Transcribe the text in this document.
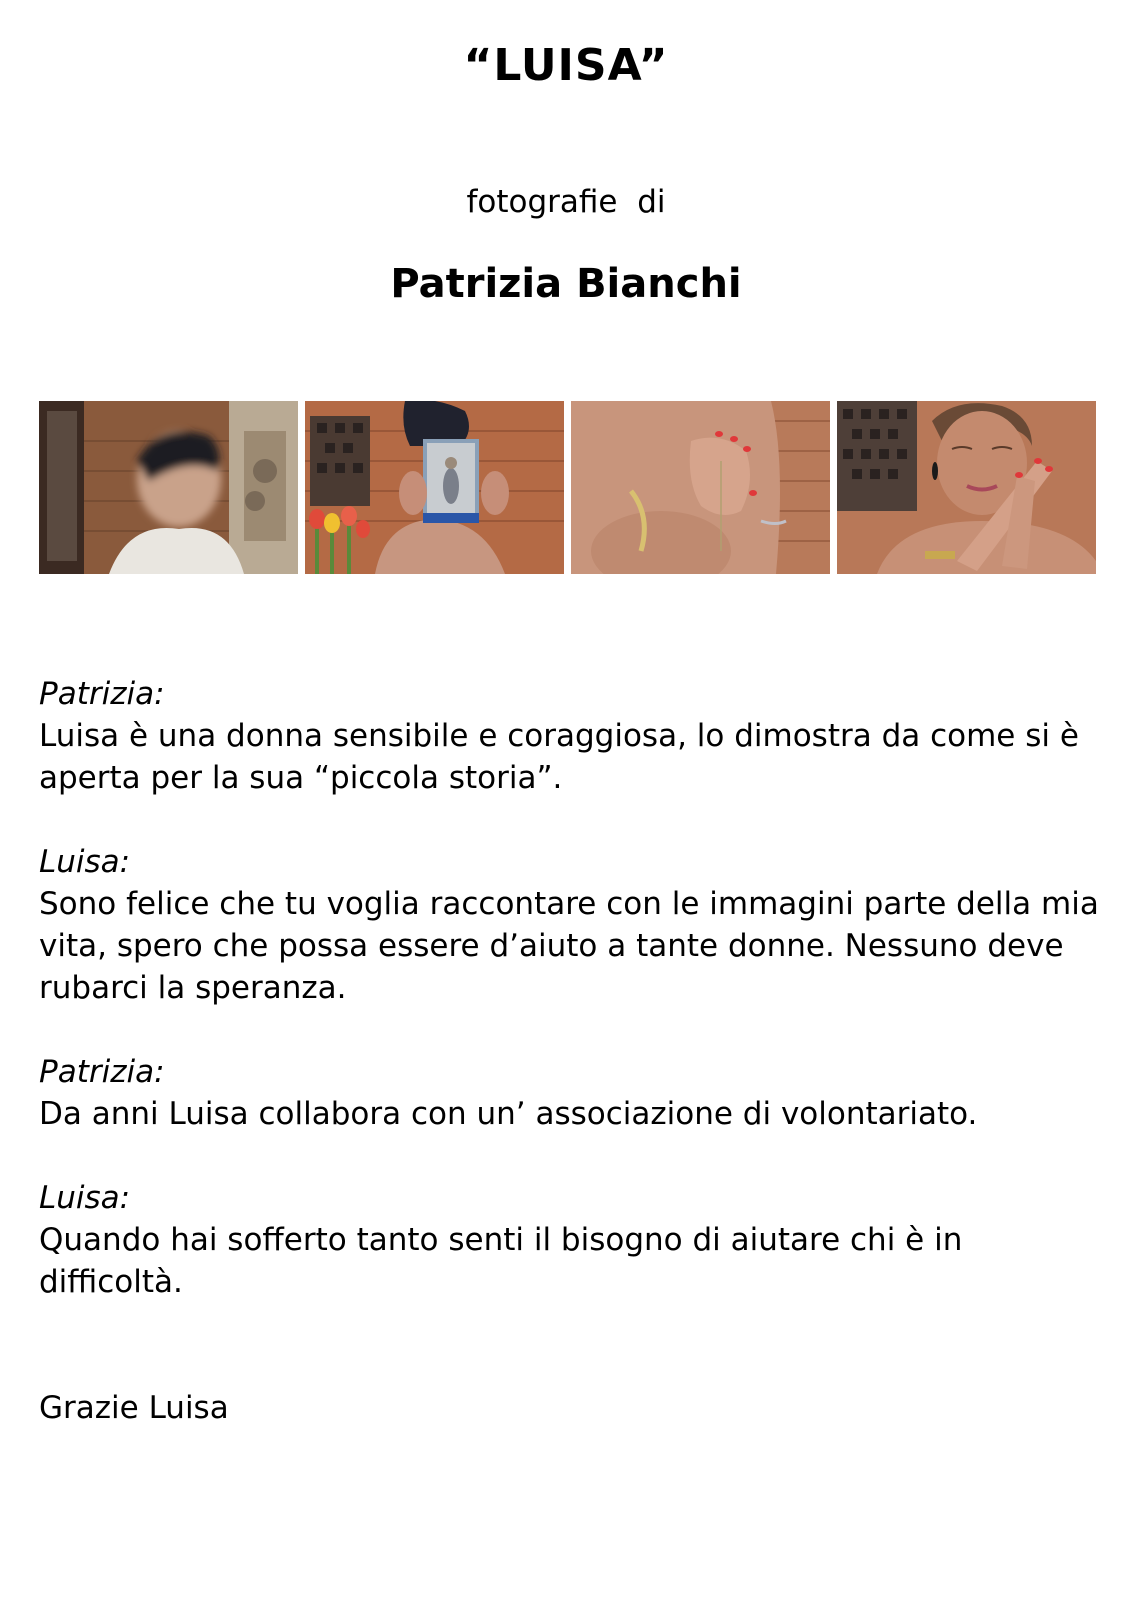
“LUISA”
fotografie  di
Patrizia Bianchi

Patrizia:

Luisa è una donna sensibile e coraggiosa, lo dimostra da come si è

aperta per la sua “piccola storia”.

Luisa:

Sono felice che tu voglia raccontare con le immagini parte della mia

vita, spero che possa essere d’aiuto a tante donne. Nessuno deve

rubarci la speranza.

Patrizia:

Da anni Luisa collabora con un’ associazione di volontariato.

Luisa:

Quando hai sofferto tanto senti il bisogno di aiutare chi è in

difficoltà.

Grazie Luisa
